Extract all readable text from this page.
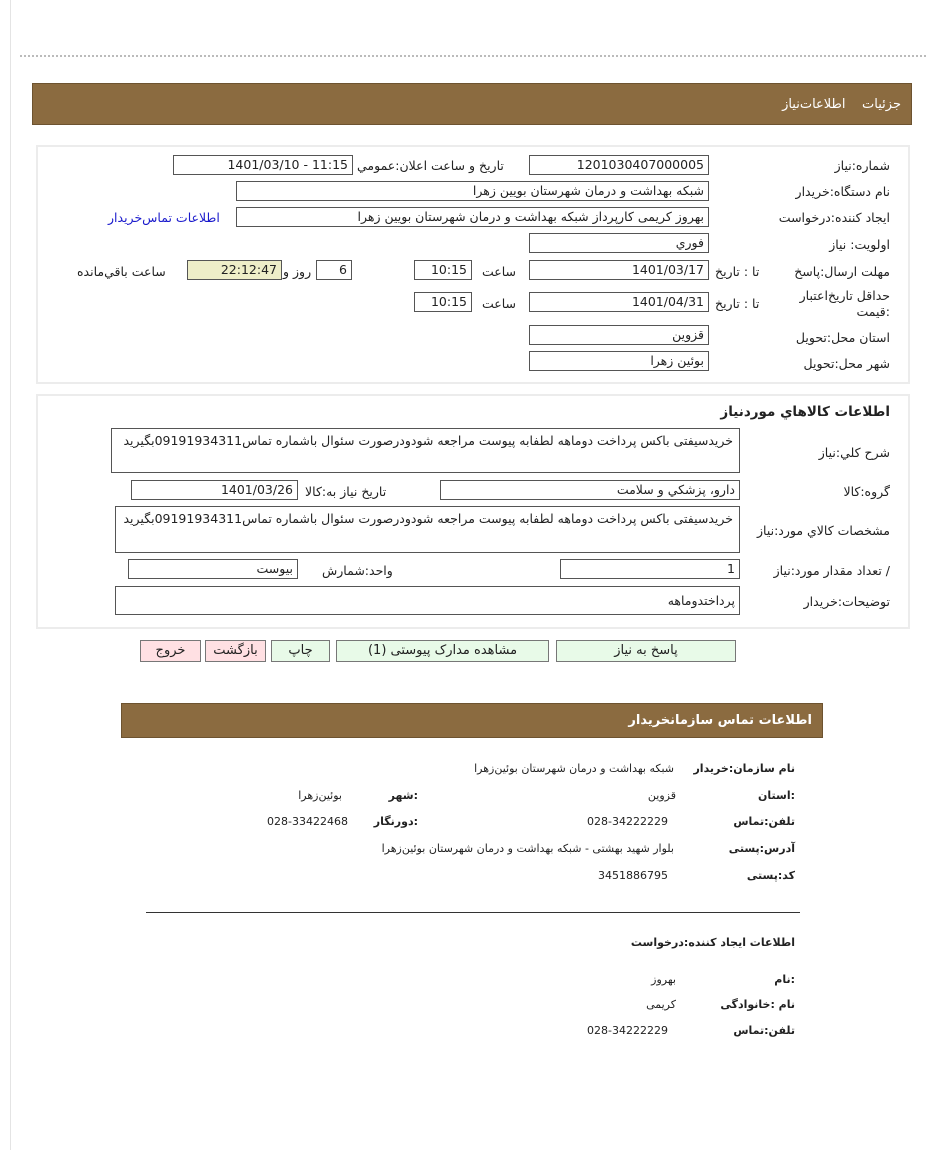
جزئیات    اطلاعات‌نیاز
شماره:نیاز
1201030407000005
تاريخ و ساعت اعلان:عمومي
1401/03/10 - 11:15
نام دستگاه:خريدار
شبکه بهداشت و درمان شهرستان بویین زهرا
ایجاد کننده:درخواست
بهروز کریمی کارپرداز شبکه بهداشت و درمان شهرستان بویین زهرا
اطلاعات تماس‌خریدار
اولويت: نياز
فوري
مهلت ارسال:پاسخ
تا : تاريخ
1401/03/17
ساعت
10:15
6
روز و
22:12:47
ساعت باقي‌مانده
حداقل تاريخ‌اعتبار :قيمت
تا : تاريخ
1401/04/31
ساعت
10:15
استان محل:تحويل
قزوین
شهر محل:تحويل
بوئین زهرا
اطلاعات كالاهاي موردنياز
شرح كلي:نياز
خریدسیفتی باکس پرداخت دوماهه لطفابه پیوست مراجعه شودودرصورت سئوال باشماره تماس09191934311بگیرید
گروه:كالا
دارو، پزشكي و سلامت
تاريخ نياز به:كالا
1401/03/26
مشخصات كالاي مورد:نياز
خریدسیفتی باکس پرداخت دوماهه لطفابه پیوست مراجعه شودودرصورت سئوال باشماره تماس09191934311بگیرید
/ تعداد مقدار مورد:نياز
1
واحد:شمارش
بیوست
توضيحات:خريدار
پرداختدوماهه
پاسخ به نیاز
مشاهده مدارک پیوستی (1)
چاپ
بازگشت
خروج
اطلاعات تماس سازمانخریدار
نام سازمان:خریدار
شبکه بهداشت و درمان شهرستان بوئین‌زهرا
:استان
قزوین
:شهر
بوئین‌زهرا
تلفن:تماس
028-34222229
:دورنگار
028-33422468
آدرس:پستی
بلوار شهید بهشتی - شبکه بهداشت و درمان شهرستان بوئین‌زهرا
کد:پستی
3451886795
اطلاعات ایجاد کننده:درخواست
:نام
بهروز
نام :خانوادگی
کریمی
تلفن:تماس
028-34222229
